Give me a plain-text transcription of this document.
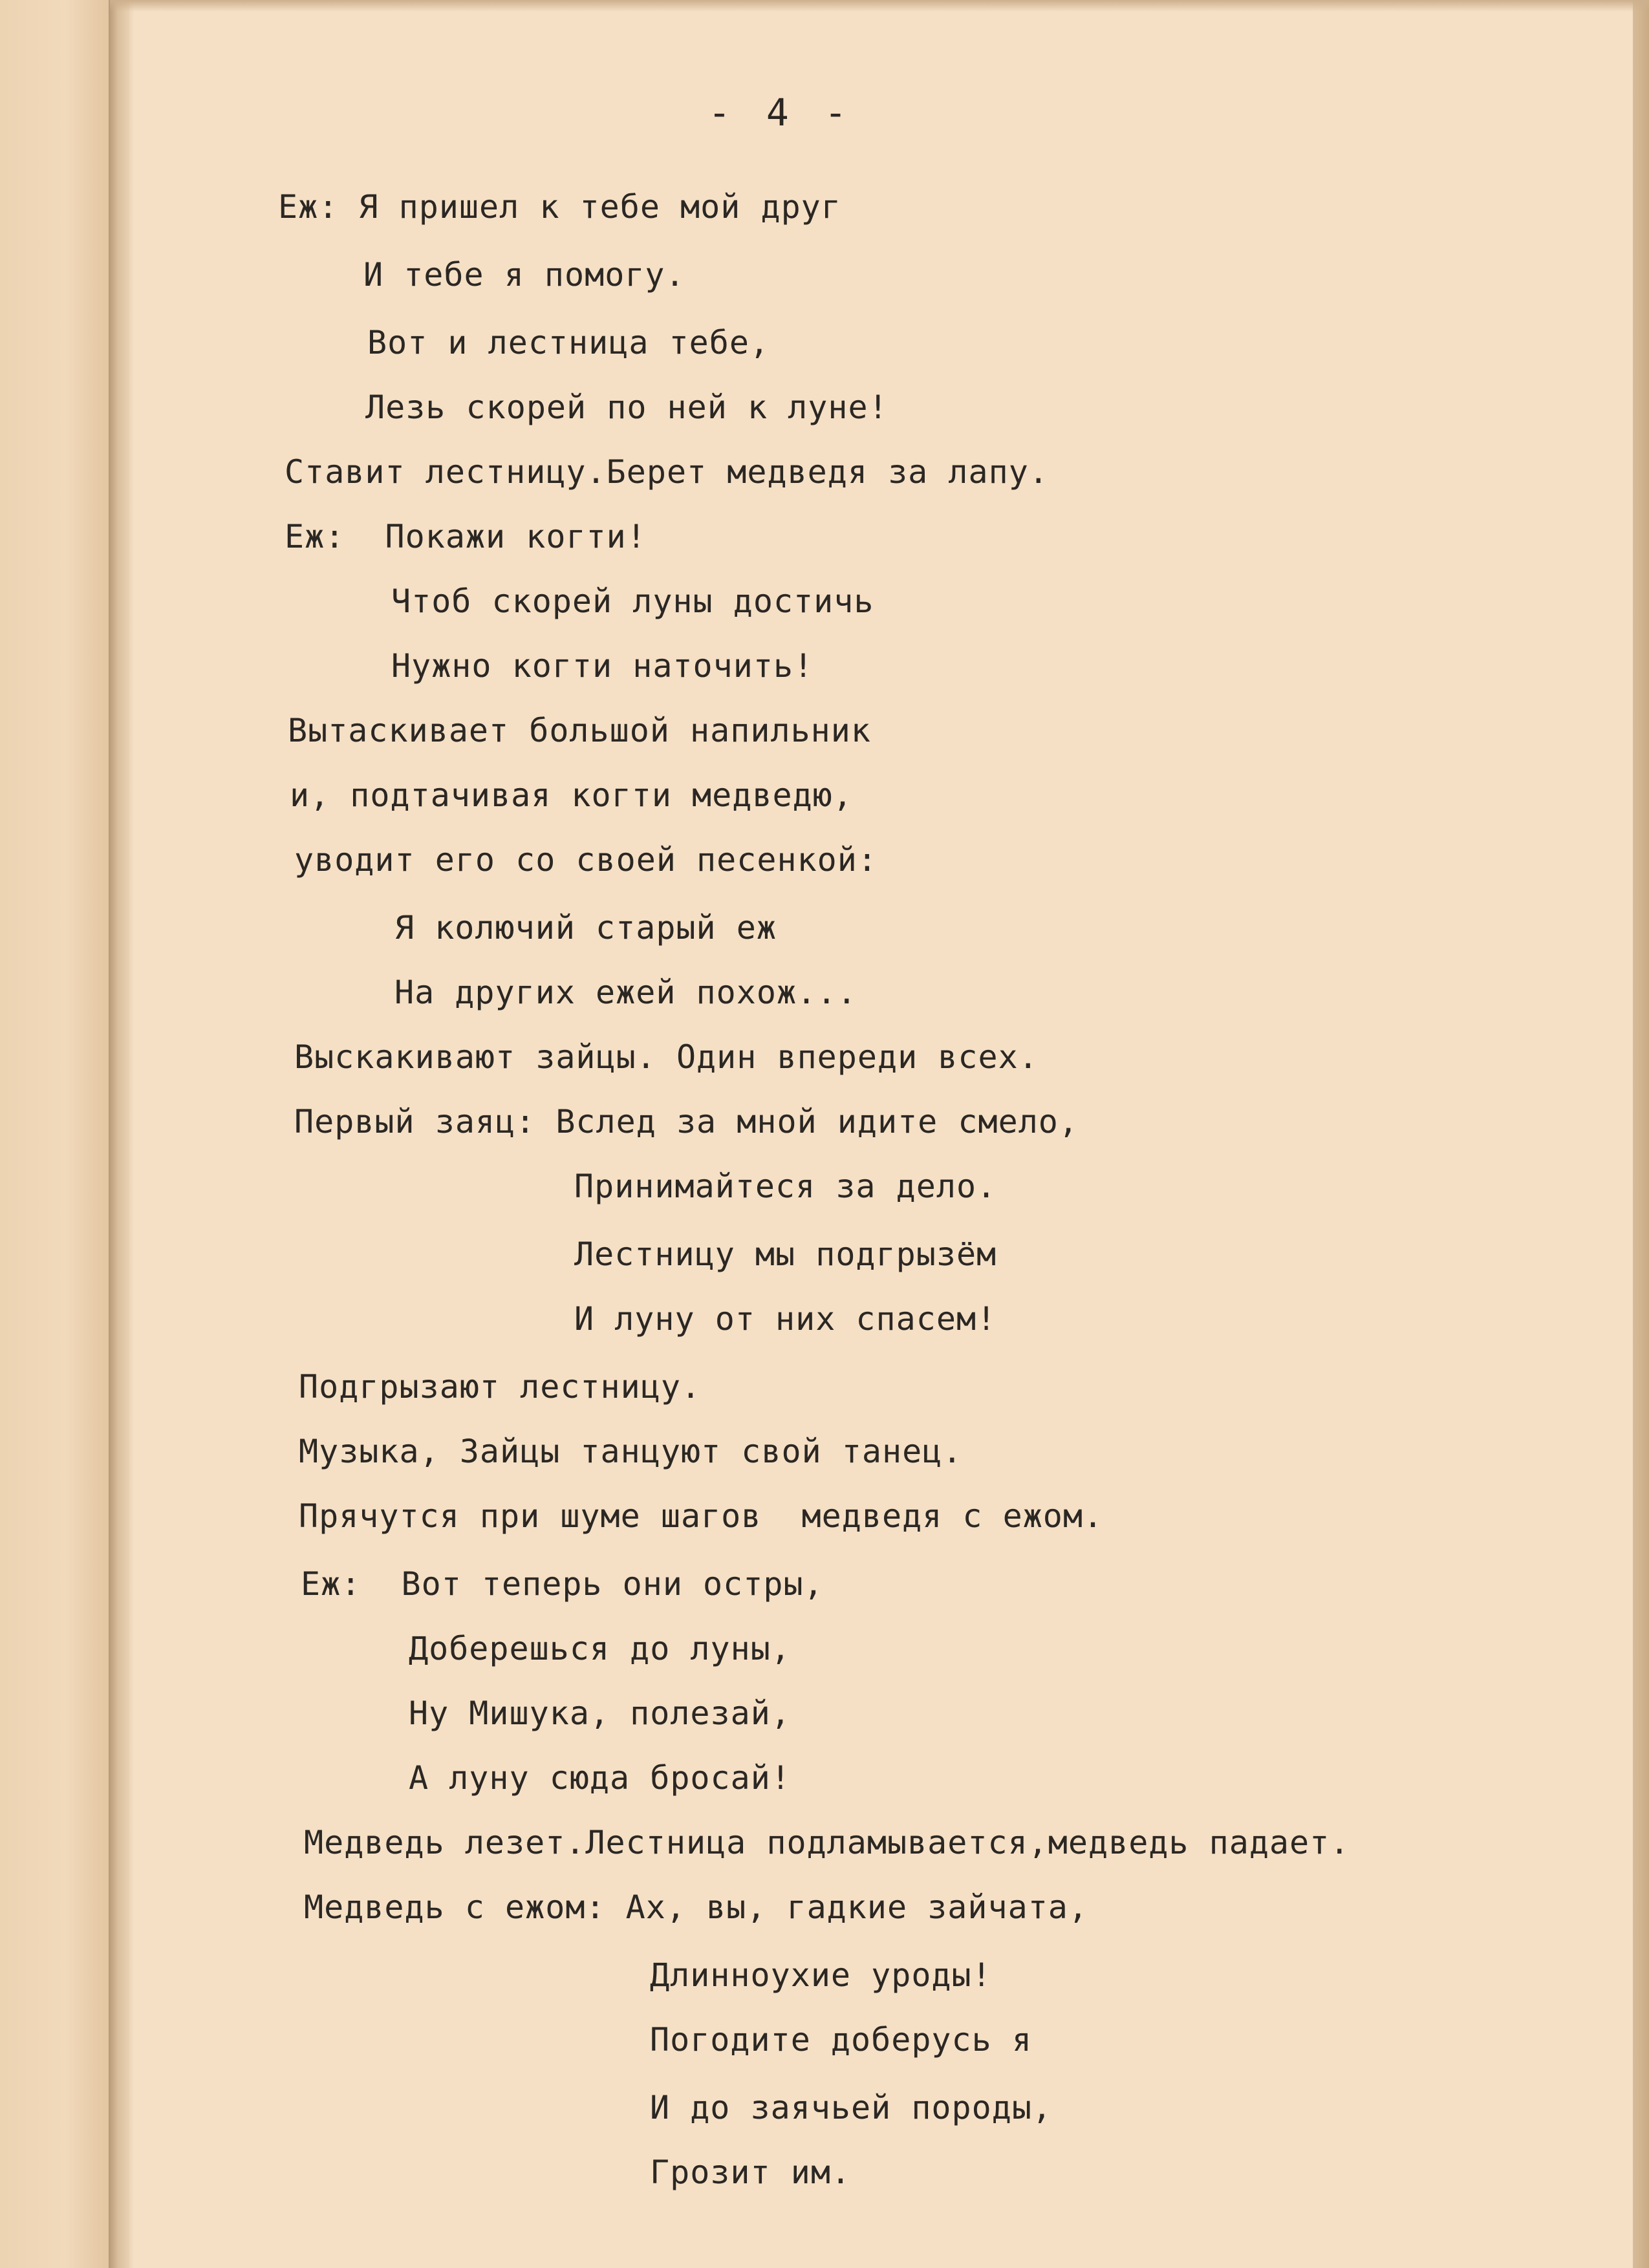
- 4 -
Еж: Я пришел к тебе мой друг
И тебе я помогу.
Вот и лестница тебе,
Лезь скорей по ней к луне!
Ставит лестницу.Берет медведя за лапу.
Еж:  Покажи когти!
Чтоб скорей луны достичь
Нужно когти наточить!
Вытаскивает большой напильник
и, подтачивая когти медведю,
уводит его со своей песенкой:
Я колючий старый еж
На других ежей похож...
Выскакивают зайцы. Один впереди всех.
Первый заяц: Вслед за мной идите смело,
Принимайтеся за дело.
Лестницу мы подгрызём
И луну от них спасем!
Подгрызают лестницу.
Музыка, Зайцы танцуют свой танец.
Прячутся при шуме шагов  медведя с ежом.
Еж:  Вот теперь они остры,
Доберешься до луны,
Ну Мишука, полезай,
А луну сюда бросай!
Медведь лезет.Лестница подламывается,медведь падает.
Медведь с ежом: Ах, вы, гадкие зайчата,
Длинноухие уроды!
Погодите доберусь я
И до заячьей породы,
Грозит им.
